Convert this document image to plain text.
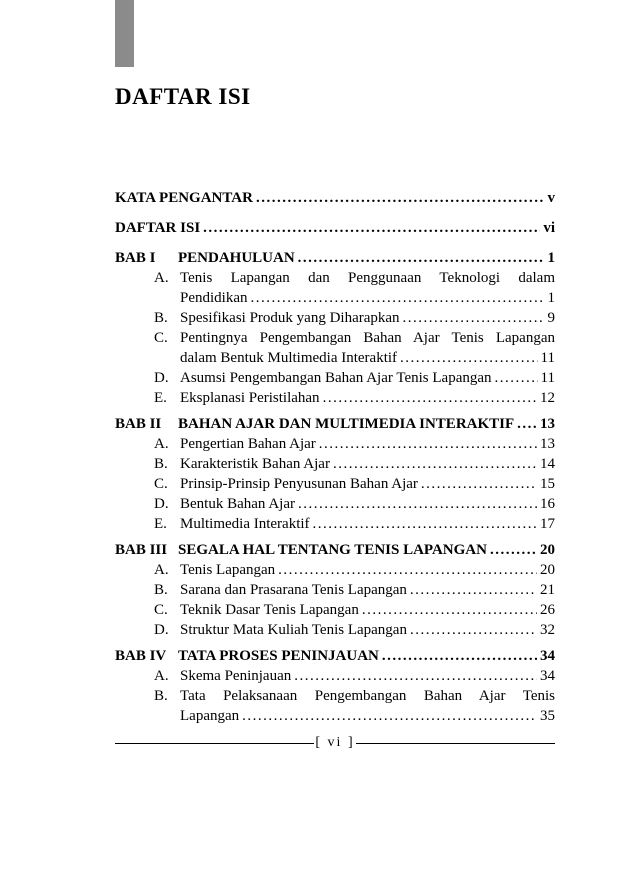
DAFTAR ISI
KATA PENGANTAR .....	v
DAFTAR ISI .....	vi
BAB I	PENDAHULUAN .....	1
A. Tenis Lapangan dan Penggunaan Teknologi dalam
Pendidikan .....	1
B. Spesifikasi Produk yang Diharapkan .....	9
C. Pentingnya Pengembangan Bahan Ajar Tenis Lapangan
dalam Bentuk Multimedia Interaktif .....	11
D. Asumsi Pengembangan Bahan Ajar Tenis Lapangan .....	11
E. Eksplanasi Peristilahan .....	12
BAB II	BAHAN AJAR DAN MULTIMEDIA INTERAKTIF ..... 13
A. Pengertian Bahan Ajar .....	13
B. Karakteristik Bahan Ajar .....	14
C. Prinsip-Prinsip Penyusunan Bahan Ajar .....	15
D. Bentuk Bahan Ajar .....	16
E. Multimedia Interaktif .....	17
BAB III SEGALA HAL TENTANG TENIS LAPANGAN .....	20
A. Tenis Lapangan .....	20
B. Sarana dan Prasarana Tenis Lapangan .....	21
C. Teknik Dasar Tenis Lapangan .....	26
D. Struktur Mata Kuliah Tenis Lapangan .....	32
BAB IV TATA PROSES PENINJAUAN .....	34
A. Skema Peninjauan .....	34
B. Tata Pelaksanaan Pengembangan Bahan Ajar Tenis
Lapangan .....	35
[ vi ]
